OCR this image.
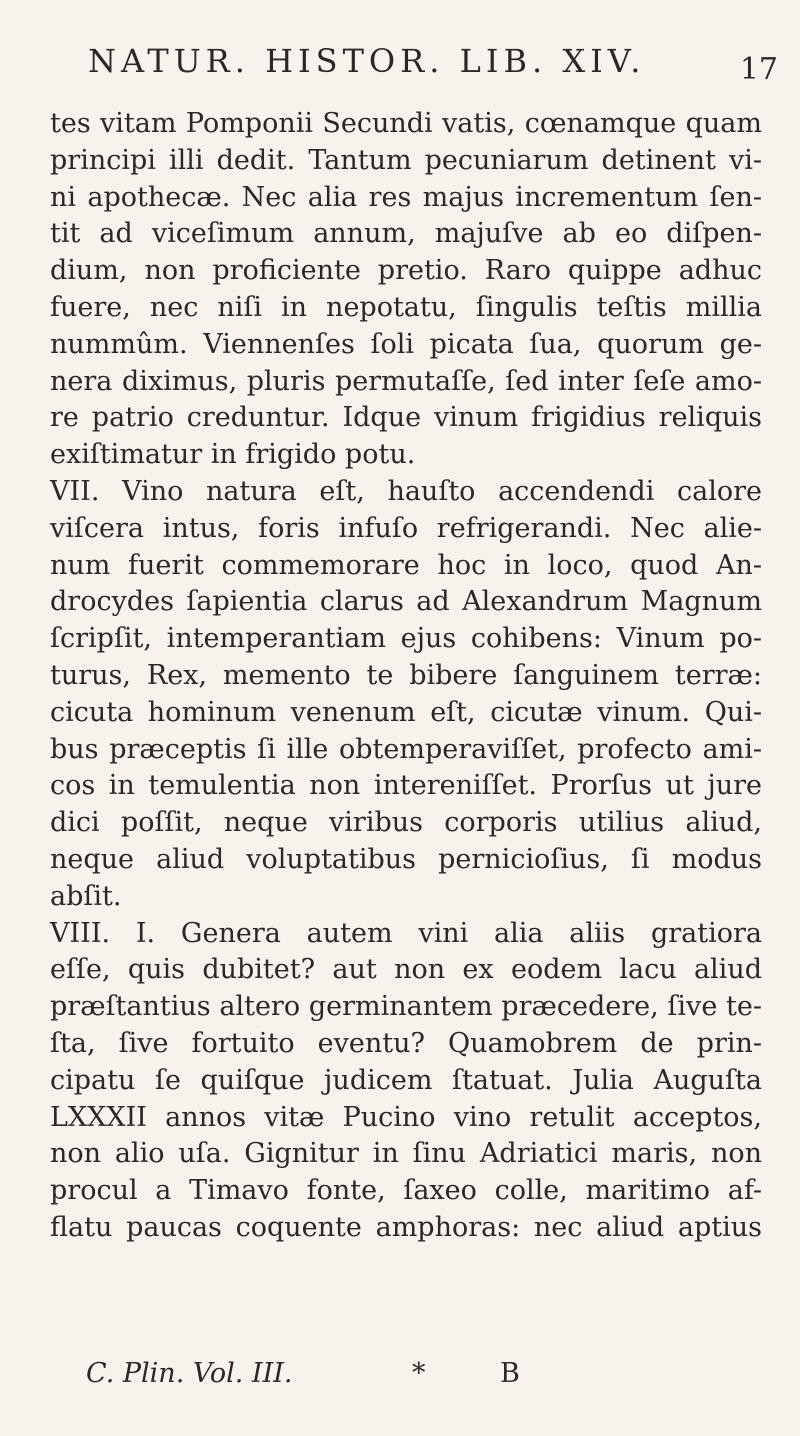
NATUR. HISTOR. LIB. XIV.	17
tes vitam Pomponii Secundi vatis, cœnamque quam
principi illi dedit. Tantum pecuniarum detinent vi-
ni apothecæ. Nec alia res majus incrementum ſen-
tit ad viceſimum annum, majuſve ab eo diſpen-
dium, non proficiente pretio. Raro quippe adhuc
fuere, nec niſi in nepotatu, ſingulis teſtis millia
nummûm. Viennenſes ſoli picata ſua, quorum ge-
nera diximus, pluris permutaſſe, ſed inter ſeſe amo-
re patrio creduntur. Idque vinum frigidius reliquis
exiſtimatur in frigido potu.
VII. Vino natura eſt, hauſto accendendi calore
viſcera intus, foris infuſo refrigerandi. Nec alie-
num fuerit commemorare hoc in loco, quod An-
drocydes ſapientia clarus ad Alexandrum Magnum
ſcripſit, intemperantiam ejus cohibens: Vinum po-
turus, Rex, memento te bibere ſanguinem terræ:
cicuta hominum venenum eſt, cicutæ vinum. Qui-
bus præceptis ſi ille obtemperaviſſet, profecto ami-
cos in temulentia non intereniſſet. Prorſus ut jure
dici poſſit, neque viribus corporis utilius aliud,
neque aliud voluptatibus pernicioſius, ſi modus
abſit.
VIII. I. Genera autem vini alia aliis gratiora
eſſe, quis dubitet? aut non ex eodem lacu aliud
præſtantius altero germinantem præcedere, ſive te-
ſta, ſive fortuito eventu? Quamobrem de prin-
cipatu ſe quiſque judicem ſtatuat. Julia Auguſta
LXXXII annos vitæ Pucino vino retulit acceptos,
non alio uſa. Gignitur in ſinu Adriatici maris, non
procul a Timavo fonte, ſaxeo colle, maritimo af-
flatu paucas coquente amphoras: nec aliud aptius
C. Plin. Vol. III.	*	B
